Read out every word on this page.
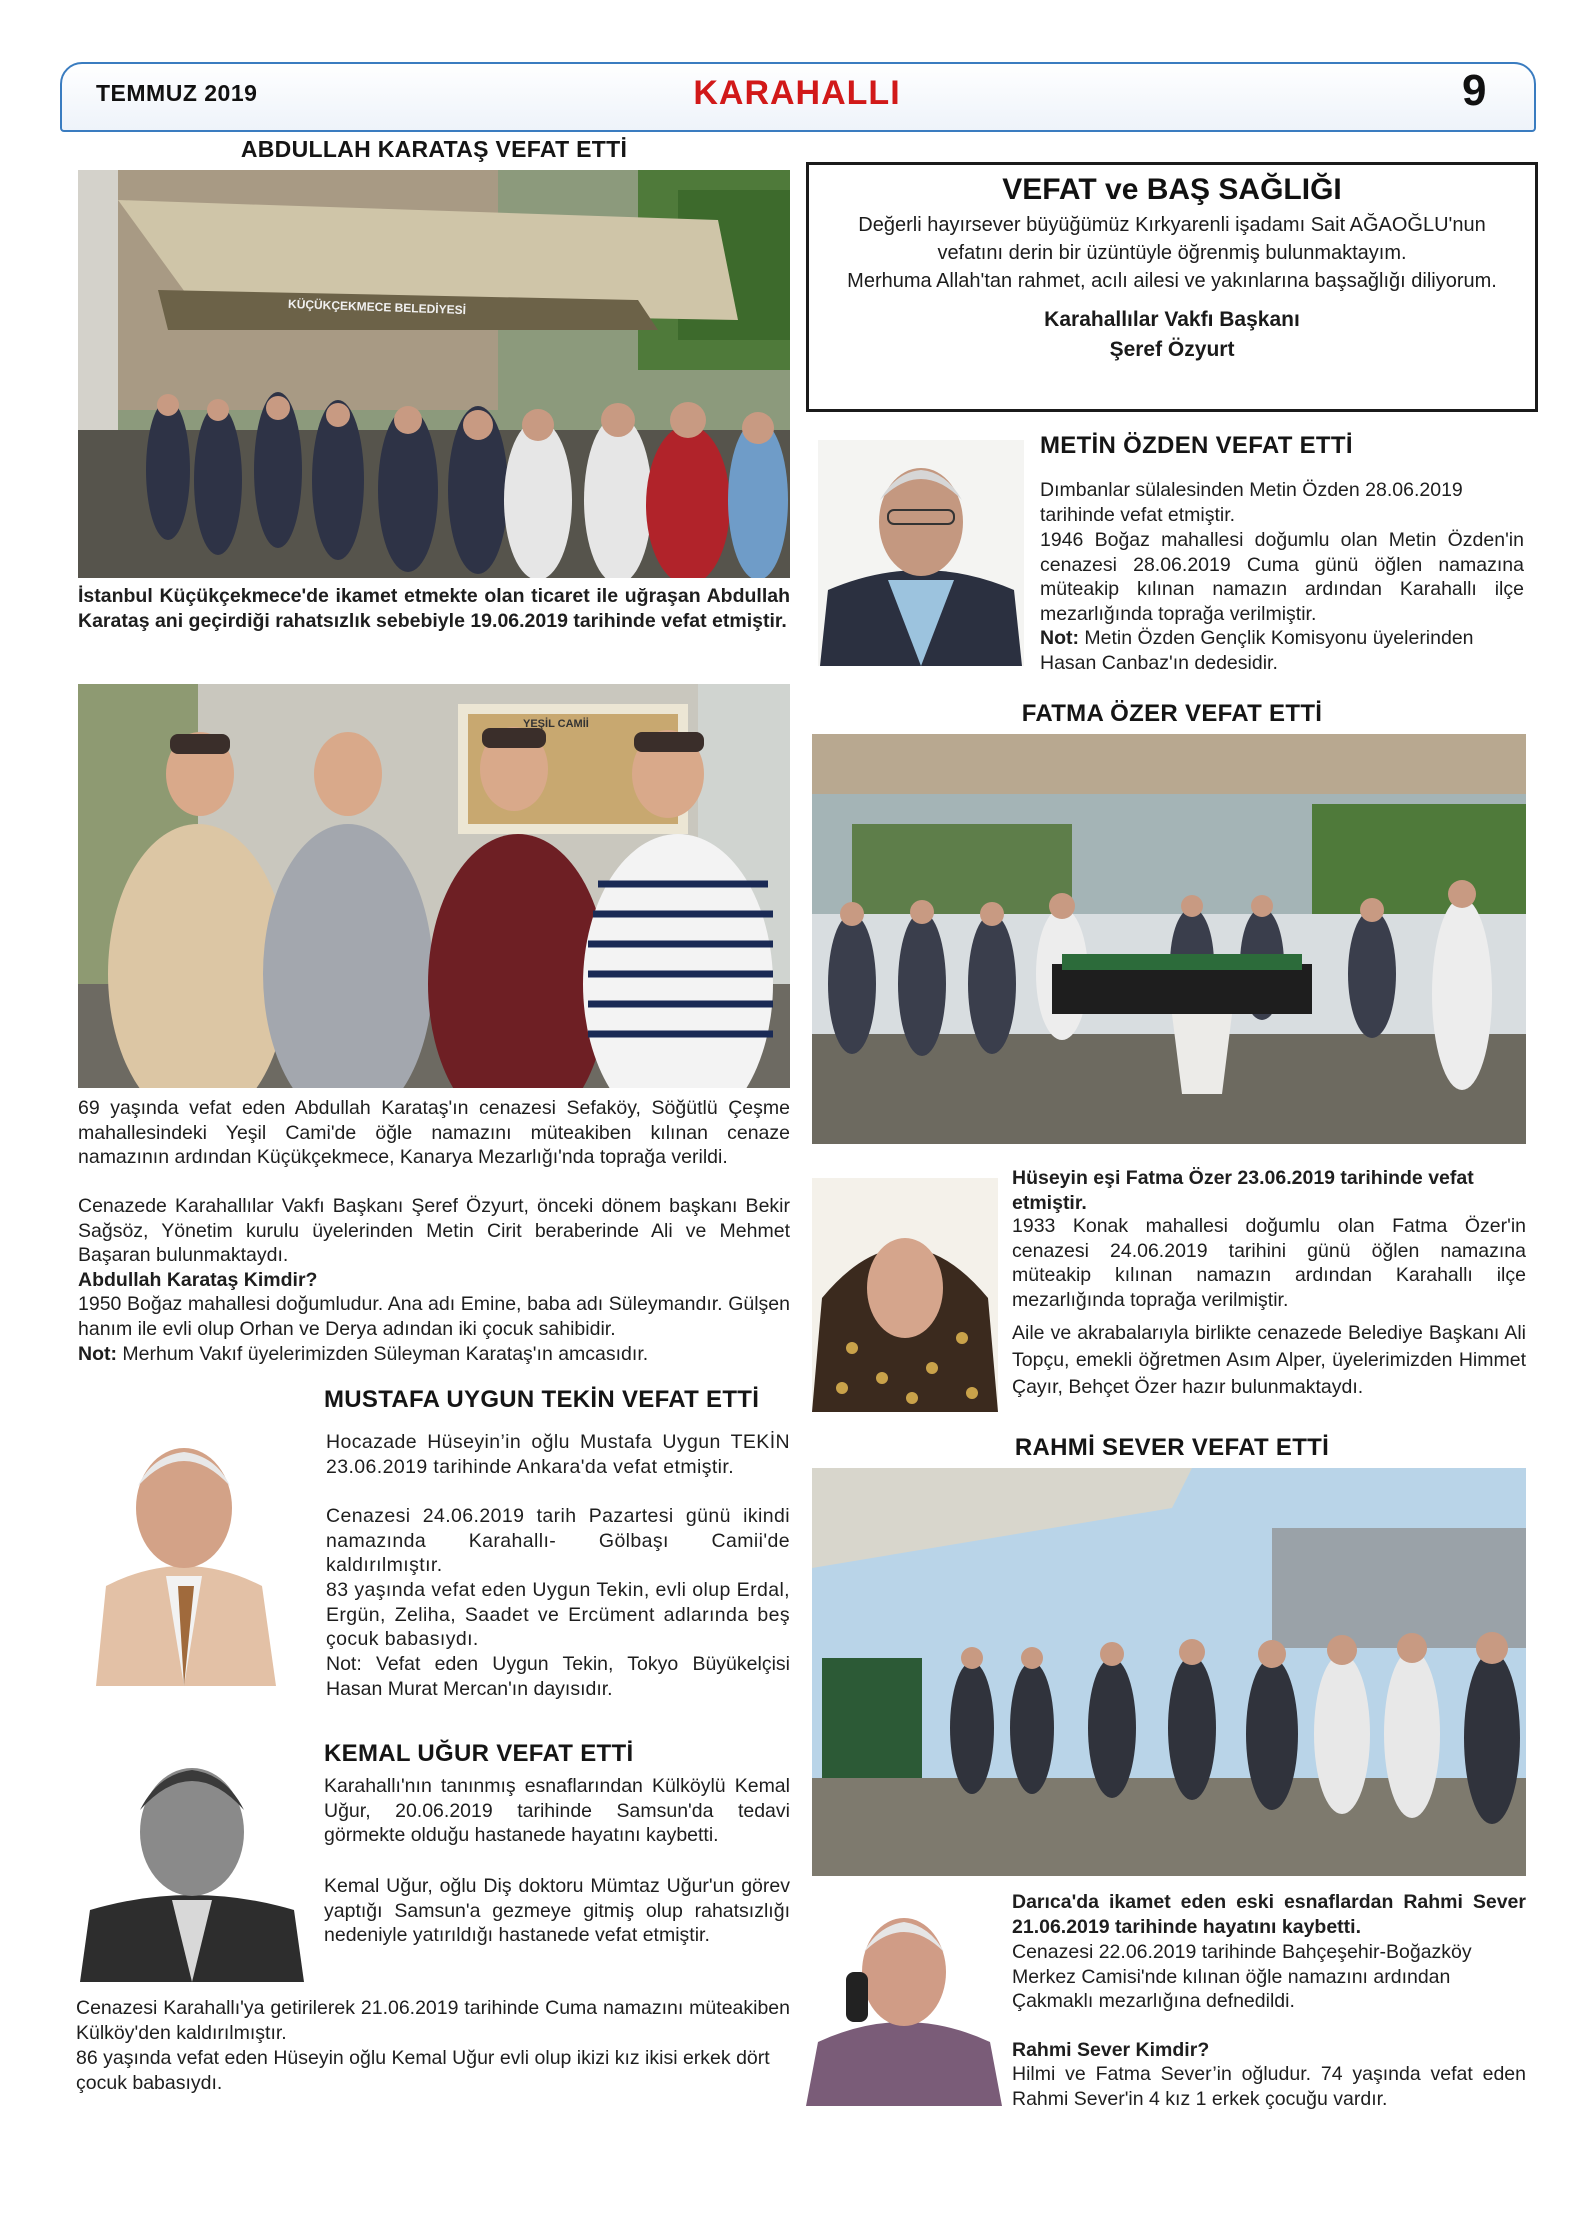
TEMMUZ 2019	KARAHALLI	9
ABDULLAH KARATAŞ VEFAT ETTİ
KÜÇÜKÇEKMECE BELEDİYESİ
İstanbul Küçükçekmece'de ikamet etmekte olan ticaret ile uğraşan Abdullah Karataş ani geçirdiği rahatsızlık sebebiyle 19.06.2019 tarihinde vefat etmiştir.
YEŞİL CAMİİ
69 yaşında vefat eden Abdullah Karataş'ın cenazesi Sefaköy, Söğütlü Çeşme mahallesindeki Yeşil Cami'de öğle namazını müteakiben kılınan cenaze namazının ardından Küçükçekmece, Kanarya Mezarlığı'nda toprağa verildi.
Cenazede Karahallılar Vakfı Başkanı Şeref Özyurt, önceki dönem başkanı Bekir Sağsöz, Yönetim kurulu üyelerinden Metin Cirit beraberinde Ali ve Mehmet Başaran bulunmaktaydı.
Abdullah Karataş Kimdir?
1950 Boğaz mahallesi doğumludur. Ana adı Emine, baba adı Süleymandır. Gülşen hanım ile evli olup Orhan ve Derya adından iki çocuk sahibidir.
Not: Merhum Vakıf üyelerimizden Süleyman Karataş'ın amcasıdır.
MUSTAFA UYGUN TEKİN VEFAT ETTİ
Hocazade Hüseyin’in oğlu Mustafa Uygun TEKİN 23.06.2019 tarihinde Ankara'da vefat etmiştir.
Cenazesi 24.06.2019 tarih Pazartesi günü ikindi namazında Karahallı- Gölbaşı Camii'de kaldırılmıştır.
83 yaşında vefat eden Uygun Tekin, evli olup Erdal, Ergün, Zeliha, Saadet ve Ercüment adlarında beş çocuk babasıydı.
Not: Vefat eden Uygun Tekin, Tokyo Büyükelçisi Hasan Murat Mercan'ın dayısıdır.
KEMAL UĞUR VEFAT ETTİ
Karahallı'nın tanınmış esnaflarından Külköylü Kemal Uğur, 20.06.2019 tarihinde Samsun'da tedavi görmekte olduğu hastanede hayatını kaybetti.
Kemal Uğur, oğlu Diş doktoru Mümtaz Uğur'un görev yaptığı Samsun'a gezmeye gitmiş olup rahatsızlığı nedeniyle yatırıldığı hastanede vefat etmiştir.
Cenazesi Karahallı'ya getirilerek 21.06.2019 tarihinde Cuma namazını müteakiben Külköy'den kaldırılmıştır.
86 yaşında vefat eden Hüseyin oğlu Kemal Uğur evli olup ikizi kız ikisi erkek dört çocuk babasıydı.
VEFAT ve BAŞ SAĞLIĞI
Değerli hayırsever büyüğümüz Kırkyarenli işadamı Sait AĞAOĞLU'nun
vefatını derin bir üzüntüyle öğrenmiş bulunmaktayım.
Merhuma Allah'tan rahmet, acılı ailesi ve yakınlarına başsağlığı diliyorum.
Karahallılar Vakfı Başkanı
Şeref Özyurt
METİN ÖZDEN VEFAT ETTİ
Dımbanlar sülalesinden Metin Özden 28.06.2019 tarihinde vefat etmiştir.
1946 Boğaz mahallesi doğumlu olan Metin Özden'in cenazesi 28.06.2019 Cuma günü öğlen namazına müteakip kılınan namazın ardından Karahallı ilçe mezarlığında toprağa verilmiştir.
Not: Metin Özden Gençlik Komisyonu üyelerinden Hasan Canbaz'ın dedesidir.
FATMA ÖZER VEFAT ETTİ
Hüseyin eşi Fatma Özer 23.06.2019 tarihinde vefat etmiştir.
1933 Konak mahallesi doğumlu olan Fatma Özer'in cenazesi 24.06.2019 tarihini günü öğlen namazına müteakip kılınan namazın ardından Karahallı ilçe mezarlığında toprağa verilmiştir.
Aile ve akrabalarıyla birlikte cenazede Belediye Başkanı Ali Topçu, emekli öğretmen Asım Alper, üyelerimizden Himmet Çayır, Behçet Özer hazır bulunmaktaydı.
RAHMİ SEVER VEFAT ETTİ
Darıca'da ikamet eden eski esnaflardan Rahmi Sever 21.06.2019 tarihinde hayatını kaybetti.
Cenazesi 22.06.2019 tarihinde Bahçeşehir-Boğazköy Merkez Camisi'nde kılınan öğle namazını ardından Çakmaklı mezarlığına defnedildi.
Rahmi Sever Kimdir?
Hilmi ve Fatma Sever’in oğludur. 74 yaşında vefat eden Rahmi Sever'in 4 kız 1 erkek çocuğu vardır.
